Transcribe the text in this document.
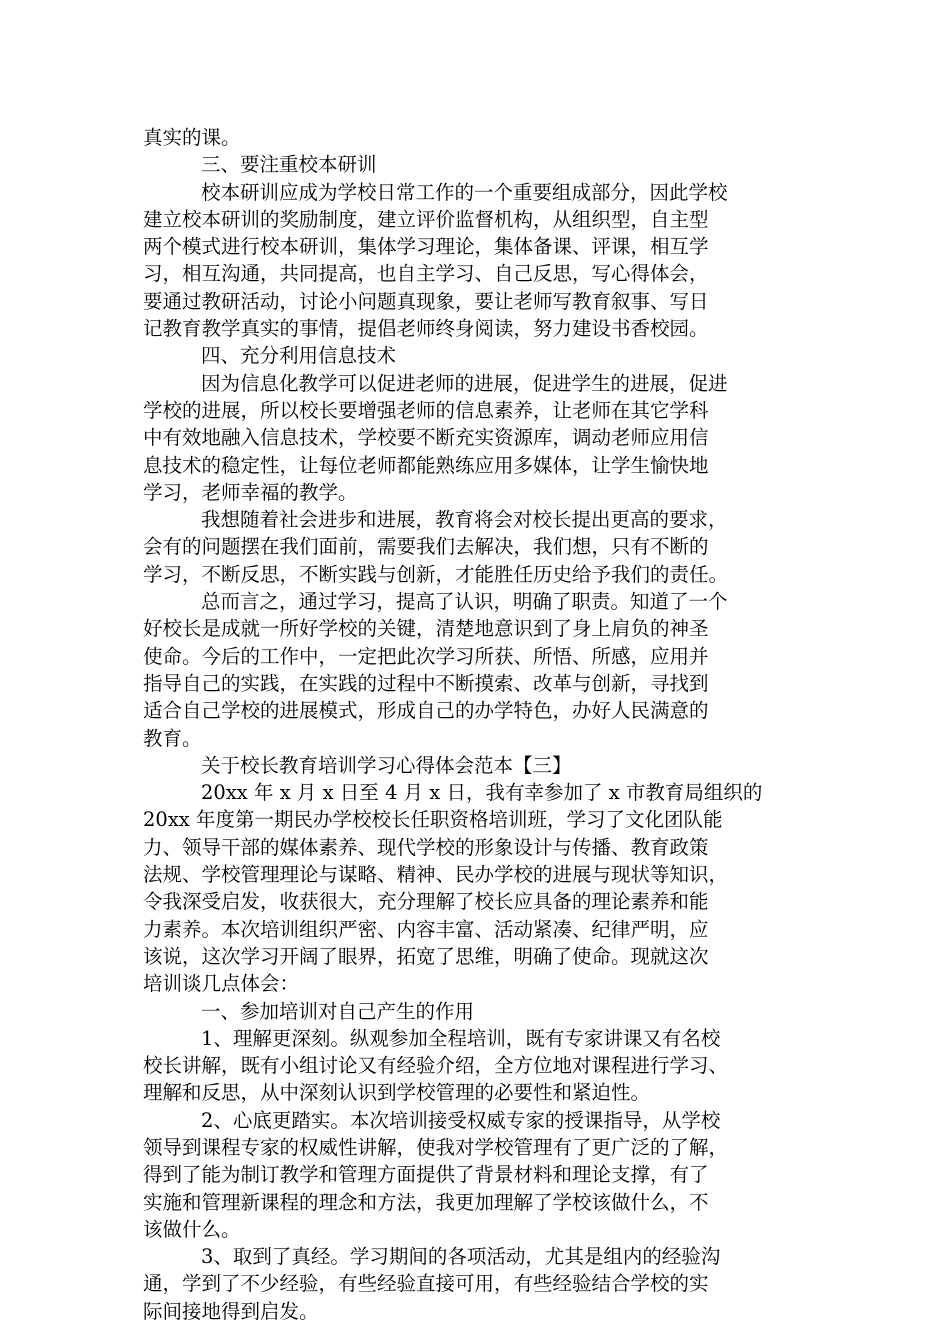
真实的课。
三、要注重校本研训
校本研训应成为学校日常工作的一个重要组成部分，因此学校
建立校本研训的奖励制度，建立评价监督机构，从组织型，自主型
两个模式进行校本研训，集体学习理论，集体备课、评课，相互学
习，相互沟通，共同提高，也自主学习、自己反思，写心得体会，
要通过教研活动，讨论小问题真现象，要让老师写教育叙事、写日
记教育教学真实的事情，提倡老师终身阅读，努力建设书香校园。
四、充分利用信息技术
因为信息化教学可以促进老师的进展，促进学生的进展，促进
学校的进展，所以校长要增强老师的信息素养，让老师在其它学科
中有效地融入信息技术，学校要不断充实资源库，调动老师应用信
息技术的稳定性，让每位老师都能熟练应用多媒体，让学生愉快地
学习，老师幸福的教学。
我想随着社会进步和进展，教育将会对校长提出更高的要求，
会有的问题摆在我们面前，需要我们去解决，我们想，只有不断的
学习，不断反思，不断实践与创新，才能胜任历史给予我们的责任。
总而言之，通过学习，提高了认识，明确了职责。知道了一个
好校长是成就一所好学校的关键，清楚地意识到了身上肩负的神圣
使命。今后的工作中，一定把此次学习所获、所悟、所感，应用并
指导自己的实践，在实践的过程中不断摸索、改革与创新，寻找到
适合自己学校的进展模式，形成自己的办学特色，办好人民满意的
教育。
关于校长教育培训学习心得体会范本【三】
20xx 年 x 月 x 日至 4 月 x 日，我有幸参加了 x 市教育局组织的
20xx 年度第一期民办学校校长任职资格培训班，学习了文化团队能
力、领导干部的媒体素养、现代学校的形象设计与传播、教育政策
法规、学校管理理论与谋略、精神、民办学校的进展与现状等知识，
令我深受启发，收获很大，充分理解了校长应具备的理论素养和能
力素养。本次培训组织严密、内容丰富、活动紧凑、纪律严明，应
该说，这次学习开阔了眼界，拓宽了思维，明确了使命。现就这次
培训谈几点体会：
一、参加培训对自己产生的作用
1、理解更深刻。纵观参加全程培训，既有专家讲课又有名校
校长讲解，既有小组讨论又有经验介绍，全方位地对课程进行学习、
理解和反思，从中深刻认识到学校管理的必要性和紧迫性。
2、心底更踏实。本次培训接受权威专家的授课指导，从学校
领导到课程专家的权威性讲解，使我对学校管理有了更广泛的了解，
得到了能为制订教学和管理方面提供了背景材料和理论支撑，有了
实施和管理新课程的理念和方法，我更加理解了学校该做什么，不
该做什么。
3、取到了真经。学习期间的各项活动，尤其是组内的经验沟
通，学到了不少经验，有些经验直接可用，有些经验结合学校的实
际间接地得到启发。
